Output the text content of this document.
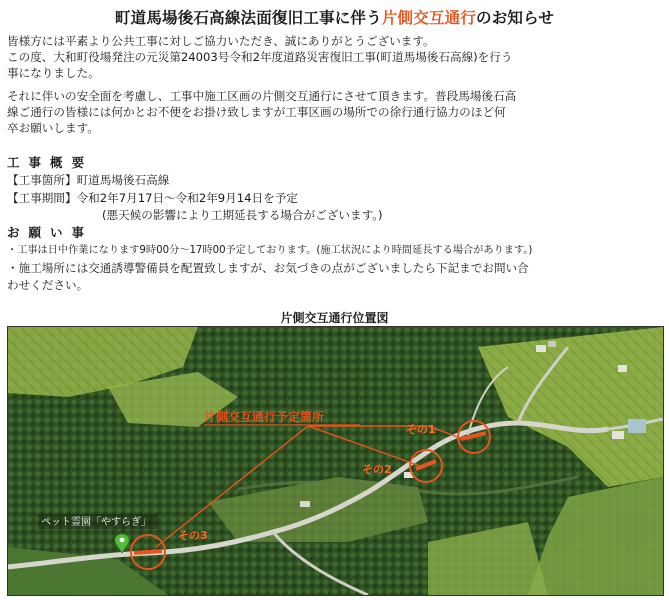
町道馬場後石高線法面復旧工事に伴う片側交互通行のお知らせ
皆様方には平素より公共工事に対しご協力いただき、誠にありがとうございます。
この度、大和町役場発注の元災第24003号令和2年度道路災害復旧工事(町道馬場後石高線)を行う
事になりました。
それに伴いの安全面を考慮し、工事中施工区画の片側交互通行にさせて頂きます。普段馬場後石高
線ご通行の皆様には何かとお不便をお掛け致しますが工事区画の場所での徐行通行協力のほど何
卒お願いします。
工事概要
【工事箇所】町道馬場後石高線
【工事期間】令和2年7月17日～令和2年9月14日を予定
(悪天候の影響により工期延長する場合がございます。)
お願い事
・工事は日中作業になります9時00分～17時00予定しております。(施工状況により時間延長する場合があります。)
・施工場所には交通誘導警備員を配置致しますが、お気づきの点がございましたら下記までお問い合
わせください。
片側交互通行位置図
片側交互通行予定箇所
その1
その2
その3
ペット霊園「やすらぎ」
